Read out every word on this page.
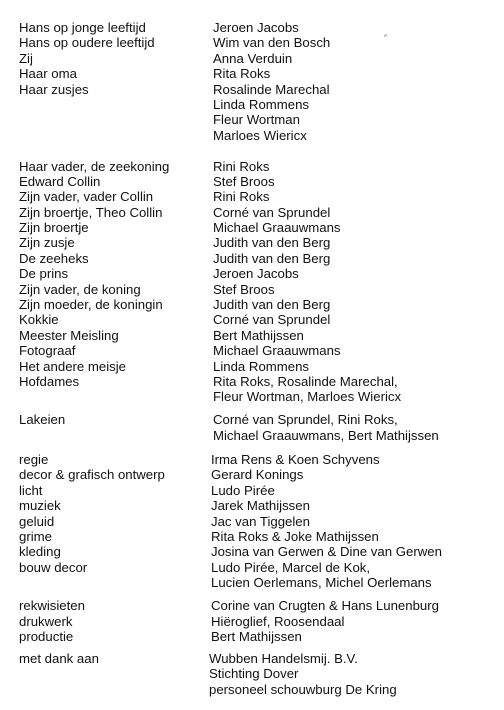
Hans op jonge leeftijd	Jeroen Jacobs
Hans op oudere leeftijd	Wim van den Bosch
Zij	Anna Verduin
Haar oma	Rita Roks
Haar zusjes	Rosalinde Marechal
Linda Rommens
Fleur Wortman
Marloes Wiericx
Haar vader, de zeekoning	Rini Roks
Edward Collin	Stef Broos
Zijn vader, vader Collin	Rini Roks
Zijn broertje, Theo Collin	Corné van Sprundel
Zijn broertje	Michael Graauwmans
Zijn zusje	Judith van den Berg
De zeeheks	Judith van den Berg
De prins	Jeroen Jacobs
Zijn vader, de koning	Stef Broos
Zijn moeder, de koningin	Judith van den Berg
Kokkie	Corné van Sprundel
Meester Meisling	Bert Mathijssen
Fotograaf	Michael Graauwmans
Het andere meisje	Linda Rommens
Hofdames	Rita Roks, Rosalinde Marechal,
Fleur Wortman, Marloes Wiericx
Lakeien	Corné van Sprundel, Rini Roks,
Michael Graauwmans, Bert Mathijssen
regie	Irma Rens & Koen Schyvens
decor & grafisch ontwerp	Gerard Konings
licht	Ludo Pirée
muziek	Jarek Mathijssen
geluid	Jac van Tiggelen
grime	Rita Roks & Joke Mathijssen
kleding	Josina van Gerwen & Dine van Gerwen
bouw decor	Ludo Pirée, Marcel de Kok,
Lucien Oerlemans, Michel Oerlemans
rekwisieten	Corine van Crugten & Hans Lunenburg
drukwerk	Hiëroglief, Roosendaal
productie	Bert Mathijssen
met dank aan	Wubben Handelsmij. B.V.
Stichting Dover
personeel schouwburg De Kring
